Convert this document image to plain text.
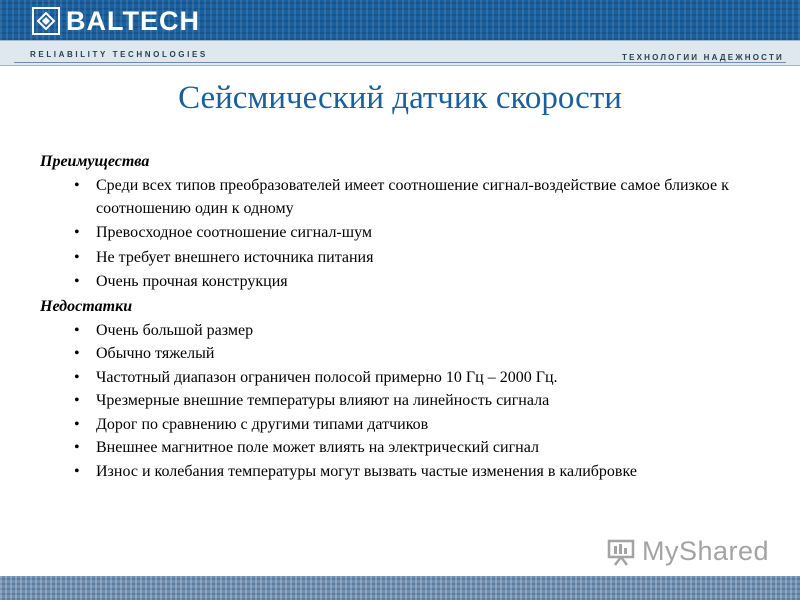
BALTECH
RELIABILITY TECHNOLOGIES	ТЕХНОЛОГИИ НАДЕЖНОСТИ
Сейсмический датчик скорости

Преимущества

• Среди всех типов преобразователей имеет соотношение сигнал-воздействие самое близкое к соотношению один к одному
• Превосходное соотношение сигнал-шум
• Не требует внешнего источника питания
• Очень прочная конструкция

Недостатки

• Очень большой размер
• Обычно тяжелый
• Частотный диапазон ограничен полосой примерно 10 Гц – 2000 Гц.
• Чрезмерные внешние температуры влияют на линейность сигнала
• Дорог по сравнению с другими типами датчиков
• Внешнее магнитное поле может влиять на электрический сигнал
• Износ и колебания температуры могут вызвать частые изменения в калибровке
MyShared
